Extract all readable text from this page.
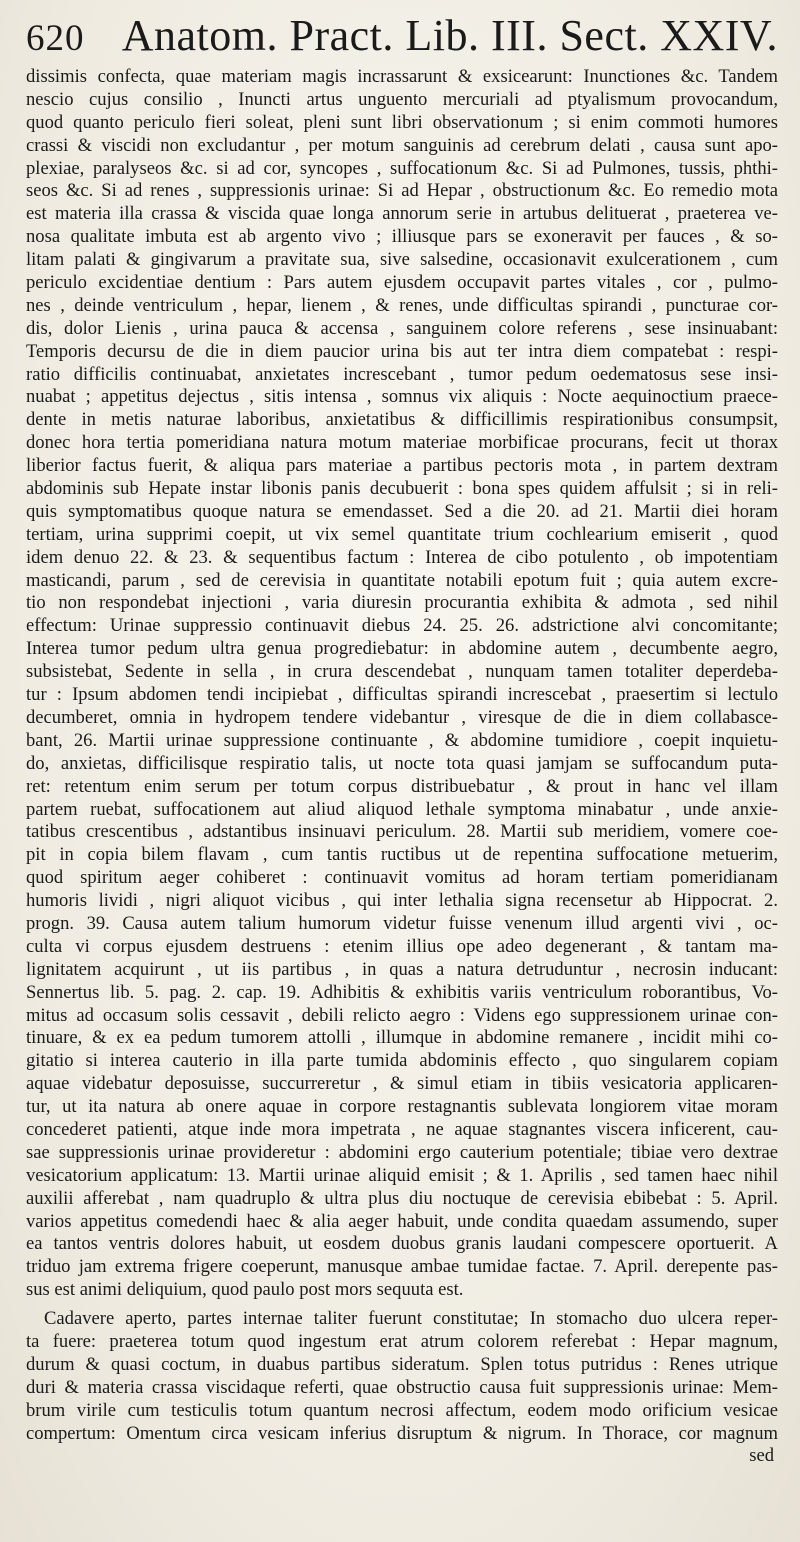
620 Anatom. Pract. Lib. III. Sect. XXIV.
dissimis confecta, quae materiam magis incrassarunt & exsicearunt: Inunctiones &c. Tandem
nescio cujus consilio , Inuncti artus unguento mercuriali ad ptyalismum provocandum,
quod quanto periculo fieri soleat, pleni sunt libri observationum ; si enim commoti humores
crassi & viscidi non excludantur , per motum sanguinis ad cerebrum delati , causa sunt apo-
plexiae, paralyseos &c. si ad cor, syncopes , suffocationum &c. Si ad Pulmones, tussis, phthi-
seos &c. Si ad renes , suppressionis urinae: Si ad Hepar , obstructionum &c. Eo remedio mota
est materia illa crassa & viscida quae longa annorum serie in artubus delituerat , praeterea ve-
nosa qualitate imbuta est ab argento vivo ; illiusque pars se exoneravit per fauces , & so-
litam palati & gingivarum a pravitate sua, sive salsedine, occasionavit exulcerationem , cum
periculo excidentiae dentium : Pars autem ejusdem occupavit partes vitales , cor , pulmo-
nes , deinde ventriculum , hepar, lienem , & renes, unde difficultas spirandi , puncturae cor-
dis, dolor Lienis , urina pauca & accensa , sanguinem colore referens , sese insinuabant:
Temporis decursu de die in diem paucior urina bis aut ter intra diem compatebat : respi-
ratio difficilis continuabat, anxietates increscebant , tumor pedum oedematosus sese insi-
nuabat ; appetitus dejectus , sitis intensa , somnus vix aliquis : Nocte aequinoctium praece-
dente in metis naturae laboribus, anxietatibus & difficillimis respirationibus consumpsit,
donec hora tertia pomeridiana natura motum materiae morbificae procurans, fecit ut thorax
liberior factus fuerit, & aliqua pars materiae a partibus pectoris mota , in partem dextram
abdominis sub Hepate instar libonis panis decubuerit : bona spes quidem affulsit ; si in reli-
quis symptomatibus quoque natura se emendasset. Sed a die 20. ad 21. Martii diei horam
tertiam, urina supprimi coepit, ut vix semel quantitate trium cochlearium emiserit , quod
idem denuo 22. & 23. & sequentibus factum : Interea de cibo potulento , ob impotentiam
masticandi, parum , sed de cerevisia in quantitate notabili epotum fuit ; quia autem excre-
tio non respondebat injectioni , varia diuresin procurantia exhibita & admota , sed nihil
effectum: Urinae suppressio continuavit diebus 24. 25. 26. adstrictione alvi concomitante;
Interea tumor pedum ultra genua progrediebatur: in abdomine autem , decumbente aegro,
subsistebat, Sedente in sella , in crura descendebat , nunquam tamen totaliter deperdeba-
tur : Ipsum abdomen tendi incipiebat , difficultas spirandi increscebat , praesertim si lectulo
decumberet, omnia in hydropem tendere videbantur , viresque de die in diem collabasce-
bant, 26. Martii urinae suppressione continuante , & abdomine tumidiore , coepit inquietu-
do, anxietas, difficilisque respiratio talis, ut nocte tota quasi jamjam se suffocandum puta-
ret: retentum enim serum per totum corpus distribuebatur , & prout in hanc vel illam
partem ruebat, suffocationem aut aliud aliquod lethale symptoma minabatur , unde anxie-
tatibus crescentibus , adstantibus insinuavi periculum. 28. Martii sub meridiem, vomere coe-
pit in copia bilem flavam , cum tantis ructibus ut de repentina suffocatione metuerim,
quod spiritum aeger cohiberet : continuavit vomitus ad horam tertiam pomeridianam
humoris lividi , nigri aliquot vicibus , qui inter lethalia signa recensetur ab Hippocrat. 2.
progn. 39. Causa autem talium humorum videtur fuisse venenum illud argenti vivi , oc-
culta vi corpus ejusdem destruens : etenim illius ope adeo degenerant , & tantam ma-
lignitatem acquirunt , ut iis partibus , in quas a natura detruduntur , necrosin inducant:
Sennertus lib. 5. pag. 2. cap. 19. Adhibitis & exhibitis variis ventriculum roborantibus, Vo-
mitus ad occasum solis cessavit , debili relicto aegro : Videns ego suppressionem urinae con-
tinuare, & ex ea pedum tumorem attolli , illumque in abdomine remanere , incidit mihi co-
gitatio si interea cauterio in illa parte tumida abdominis effecto , quo singularem copiam
aquae videbatur deposuisse, succurreretur , & simul etiam in tibiis vesicatoria applicaren-
tur, ut ita natura ab onere aquae in corpore restagnantis sublevata longiorem vitae moram
concederet patienti, atque inde mora impetrata , ne aquae stagnantes viscera inficerent, cau-
sae suppressionis urinae provideretur : abdomini ergo cauterium potentiale; tibiae vero dextrae
vesicatorium applicatum: 13. Martii urinae aliquid emisit ; & 1. Aprilis , sed tamen haec nihil
auxilii afferebat , nam quadruplo & ultra plus diu noctuque de cerevisia ebibebat : 5. April.
varios appetitus comedendi haec & alia aeger habuit, unde condita quaedam assumendo, super
ea tantos ventris dolores habuit, ut eosdem duobus granis laudani compescere oportuerit. A
triduo jam extrema frigere coeperunt, manusque ambae tumidae factae. 7. April. derepente pas-
sus est animi deliquium, quod paulo post mors sequuta est.
Cadavere aperto, partes internae taliter fuerunt constitutae; In stomacho duo ulcera reper-
ta fuere: praeterea totum quod ingestum erat atrum colorem referebat : Hepar magnum,
durum & quasi coctum, in duabus partibus sideratum. Splen totus putridus : Renes utrique
duri & materia crassa viscidaque referti, quae obstructio causa fuit suppressionis urinae: Mem-
brum virile cum testiculis totum quantum necrosi affectum, eodem modo orificium vesicae
compertum: Omentum circa vesicam inferius disruptum & nigrum. In Thorace, cor magnum
sed
